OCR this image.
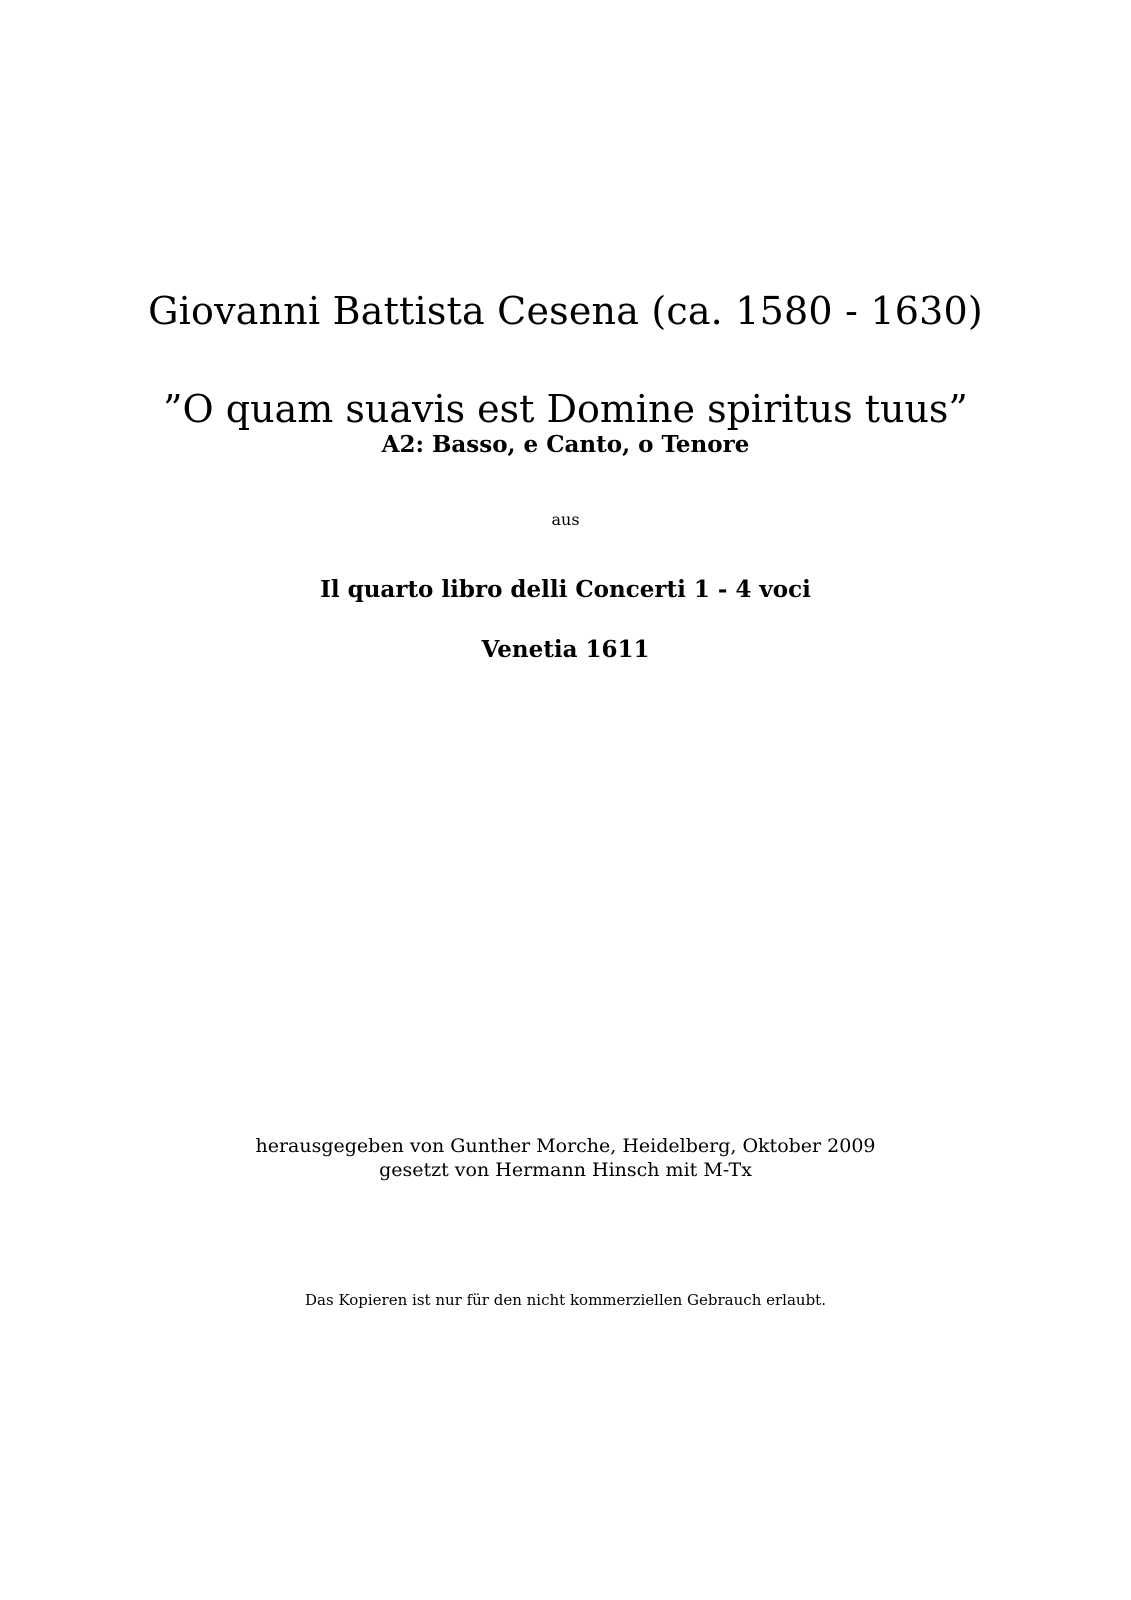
Giovanni Battista Cesena (ca. 1580 - 1630)
”O quam suavis est Domine spiritus tuus”
A2: Basso, e Canto, o Tenore
aus
Il quarto libro delli Concerti 1 - 4 voci
Venetia 1611
herausgegeben von Gunther Morche, Heidelberg, Oktober 2009
gesetzt von Hermann Hinsch mit M-Tx
Das Kopieren ist nur für den nicht kommerziellen Gebrauch erlaubt.
